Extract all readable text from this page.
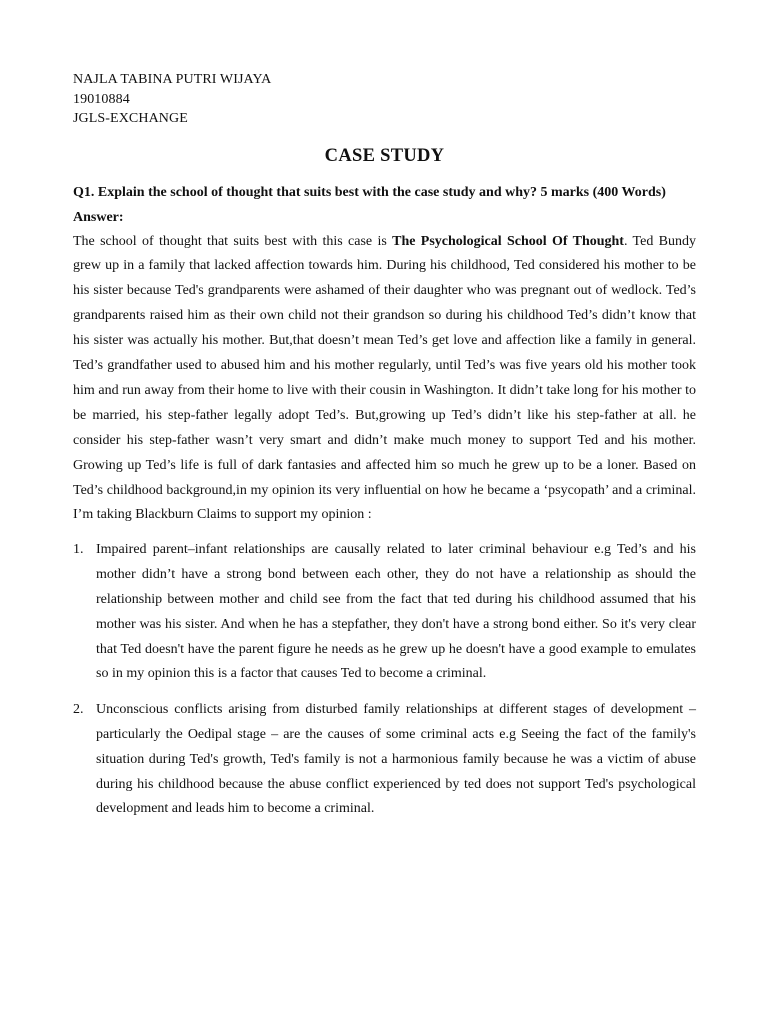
NAJLA TABINA PUTRI WIJAYA
19010884
JGLS-EXCHANGE
CASE STUDY
Q1. Explain the school of thought that suits best with the case study and why? 5 marks (400 Words)
Answer:
The school of thought that suits best with this case is The Psychological School Of Thought. Ted Bundy grew up in a family that lacked affection towards him. During his childhood, Ted considered his mother to be his sister because Ted's grandparents were ashamed of their daughter who was pregnant out of wedlock. Ted’s grandparents raised him as their own child not their grandson so during his childhood Ted’s didn’t know that his sister was actually his mother. But,that doesn’t mean Ted’s get love and affection like a family in general. Ted’s grandfather used to abused him and his mother regularly, until Ted’s was five years old his mother took him and run away from their home to live with their cousin in Washington. It didn’t take long for his mother to be married, his step-father legally adopt Ted’s. But,growing up Ted’s didn’t like his step-father at all. he consider his step-father wasn’t very smart and didn’t make much money to support Ted and his mother. Growing up Ted’s life is full of dark fantasies and affected him so much he grew up to be a loner. Based on Ted’s childhood background,in my opinion its very influential on how he became a ‘psycopath’ and a criminal. I’m taking Blackburn Claims to support my opinion :
1. Impaired parent–infant relationships are causally related to later criminal behaviour e.g Ted’s and his mother didn’t have a strong bond between each other, they do not have a relationship as should the relationship between mother and child see from the fact that ted during his childhood assumed that his mother was his sister. And when he has a stepfather, they don't have a strong bond either. So it's very clear that Ted doesn't have the parent figure he needs as he grew up he doesn't have a good example to emulates so in my opinion this is a factor that causes Ted to become a criminal.
2. Unconscious conflicts arising from disturbed family relationships at different stages of development – particularly the Oedipal stage – are the causes of some criminal acts e.g Seeing the fact of the family's situation during Ted's growth, Ted's family is not a harmonious family because he was a victim of abuse during his childhood because the abuse conflict experienced by ted does not support Ted's psychological development and leads him to become a criminal.
